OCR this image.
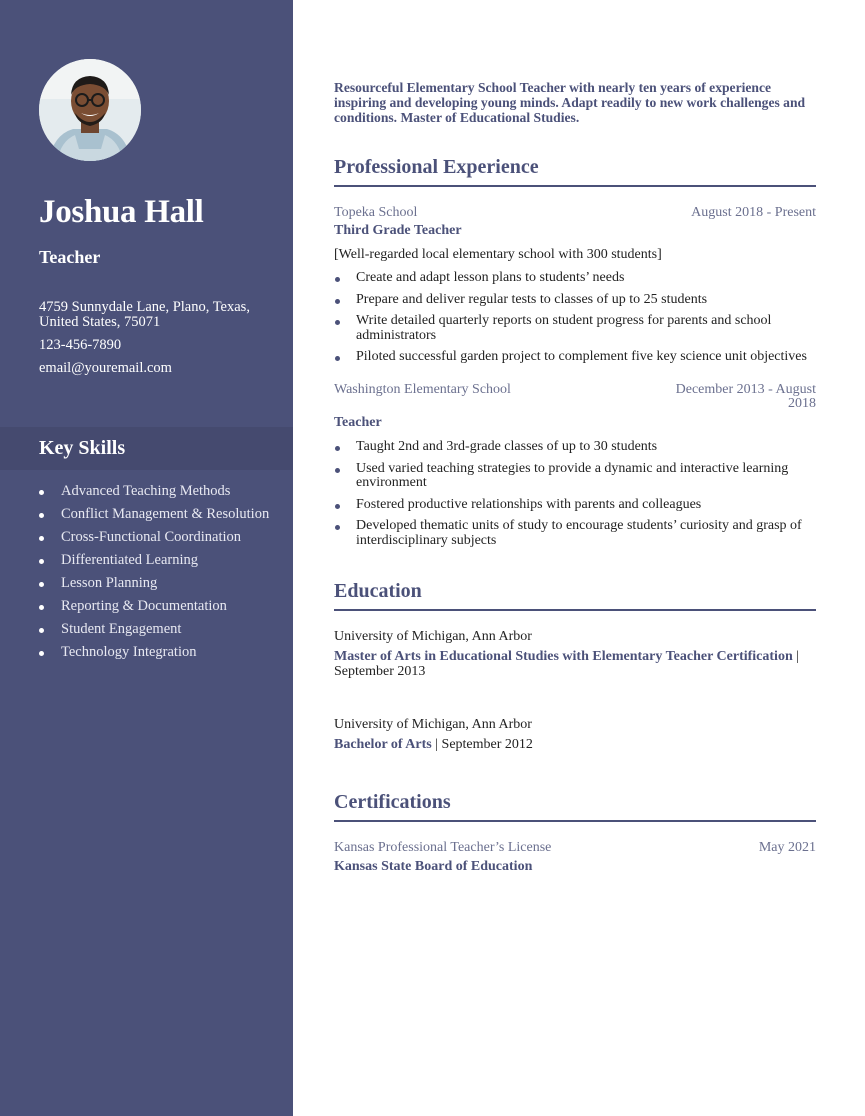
Joshua Hall
Teacher
4759 Sunnydale Lane, Plano, Texas, United States, 75071
123-456-7890
email@youremail.com
Key Skills
Advanced Teaching Methods
Conflict Management & Resolution
Cross-Functional Coordination
Differentiated Learning
Lesson Planning
Reporting & Documentation
Student Engagement
Technology Integration

Resourceful Elementary School Teacher with nearly ten years of experience inspiring and developing young minds. Adapt readily to new work challenges and conditions. Master of Educational Studies.

Professional Experience
Topeka School	August 2018 - Present
Third Grade Teacher
[Well-regarded local elementary school with 300 students]
Create and adapt lesson plans to students’ needs
Prepare and deliver regular tests to classes of up to 25 students
Write detailed quarterly reports on student progress for parents and school administrators
Piloted successful garden project to complement five key science unit objectives
Washington Elementary School	December 2013 - August 2018
Teacher
Taught 2nd and 3rd-grade classes of up to 30 students
Used varied teaching strategies to provide a dynamic and interactive learning environment
Fostered productive relationships with parents and colleagues
Developed thematic units of study to encourage students’ curiosity and grasp of interdisciplinary subjects
Education
University of Michigan, Ann Arbor
Master of Arts in Educational Studies with Elementary Teacher Certification | September 2013
University of Michigan, Ann Arbor
Bachelor of Arts | September 2012
Certifications
Kansas Professional Teacher’s License	May 2021
Kansas State Board of Education
